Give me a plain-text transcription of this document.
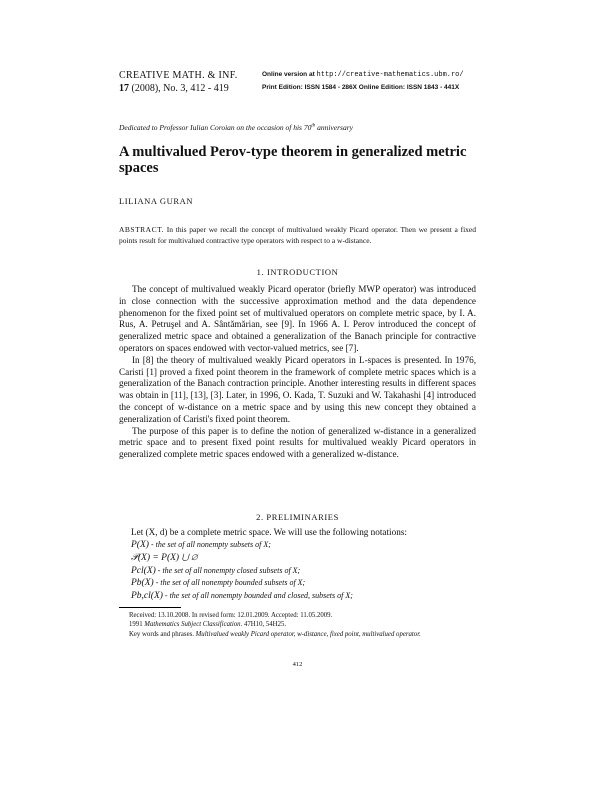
CREATIVE MATH. & INF.	Online version at http://creative-mathematics.ubm.ro/
17 (2008), No. 3, 412 - 419	Print Edition: ISSN 1584 - 286X Online Edition: ISSN 1843 - 441X
Dedicated to Professor Iulian Coroian on the occasion of his 70th anniversary
A multivalued Perov-type theorem in generalized metric spaces
LILIANA GURAN
ABSTRACT. In this paper we recall the concept of multivalued weakly Picard operator. Then we present a fixed points result for multivalued contractive type operators with respect to a w-distance.
1. INTRODUCTION

The concept of multivalued weakly Picard operator (briefly MWP operator) was introduced in close connection with the successive approximation method and the data dependence phenomenon for the fixed point set of multivalued operators on complete metric space, by I. A. Rus, A. Petruşel and A. Sântămărian, see [9]. In 1966 A. I. Perov introduced the concept of generalized metric space and obtained a generalization of the Banach principle for contractive operators on spaces endowed with vector-valued metrics, see [7].

In [8] the theory of multivalued weakly Picard operators in L-spaces is presented. In 1976, Caristi [1] proved a fixed point theorem in the framework of complete metric spaces which is a generalization of the Banach contraction principle. Another interesting results in different spaces was obtain in [11], [13], [3]. Later, in 1996, O. Kada, T. Suzuki and W. Takahashi [4] introduced the concept of w-distance on a metric space and by using this new concept they obtained a generalization of Caristi's fixed point theorem.

The purpose of this paper is to define the notion of generalized w-distance in a generalized metric space and to present fixed point results for multivalued weakly Picard operators in generalized complete metric spaces endowed with a generalized w-distance.

2. PRELIMINARIES
Let (X, d) be a complete metric space. We will use the following notations:
P(X) - the set of all nonempty subsets of X;
𝒫(X) = P(X) ⋃ ∅
Pcl(X) - the set of all nonempty closed subsets of X;
Pb(X) - the set of all nonempty bounded subsets of X;
Pb,cl(X) - the set of all nonempty bounded and closed, subsets of X;

Received: 13.10.2008. In revised form: 12.01.2009. Accepted: 11.05.2009.

1991 Mathematics Subject Classification. 47H10, 54H25.

Key words and phrases. Multivalued weakly Picard operator, w-distance, fixed point, multivalued operator.

412
